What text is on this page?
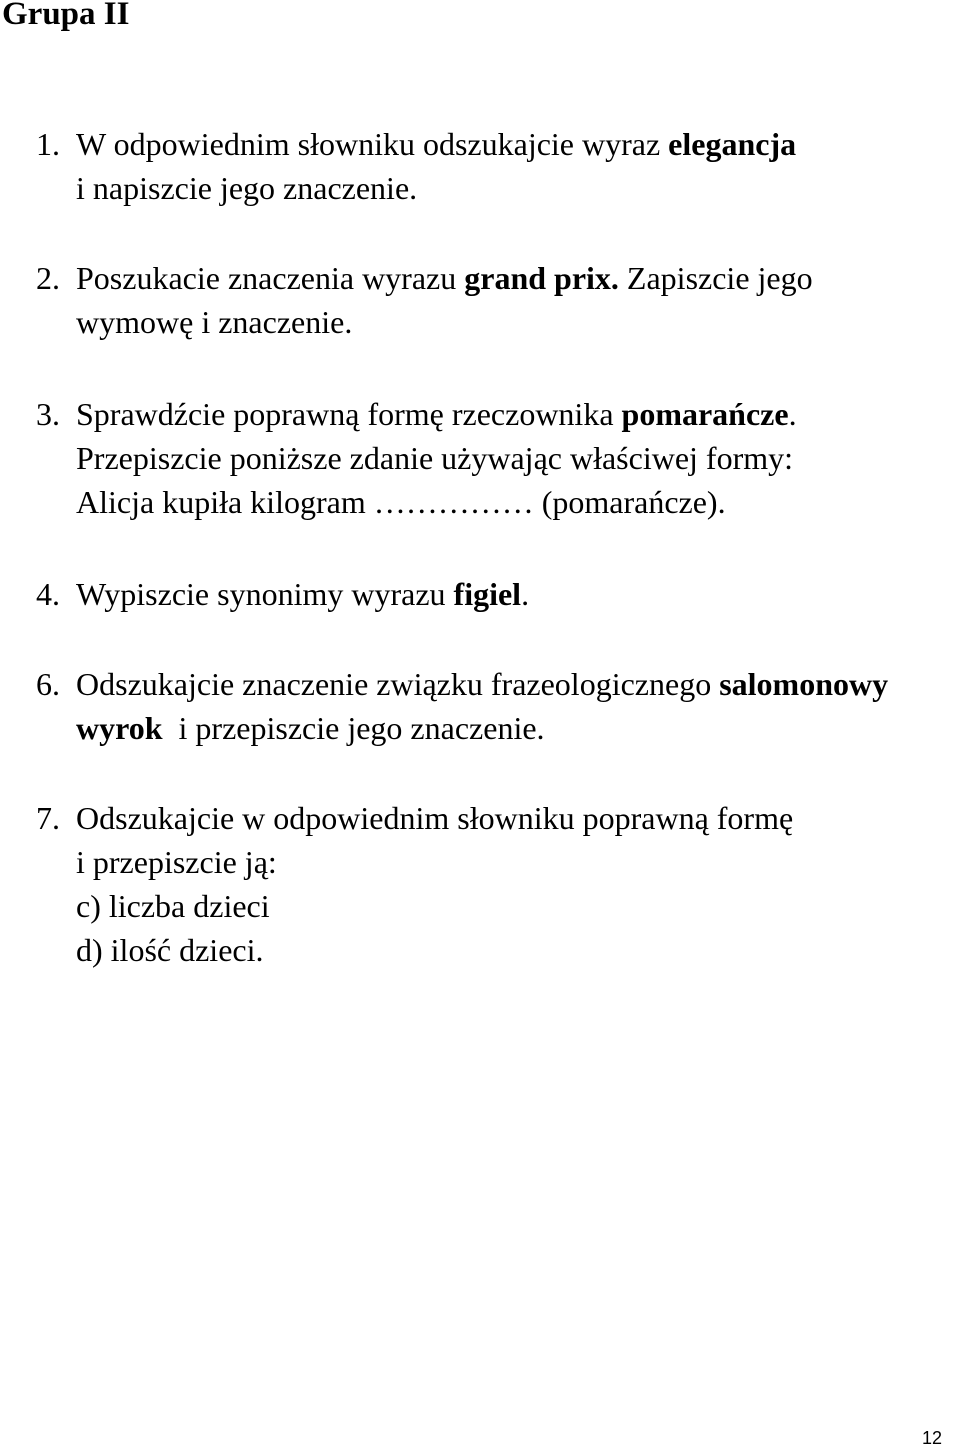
Grupa II
1. W odpowiednim słowniku odszukajcie wyraz elegancja
i napiszcie jego znaczenie.
2. Poszukacie znaczenia wyrazu grand prix. Zapiszcie jego
wymowę i znaczenie.
3. Sprawdźcie poprawną formę rzeczownika pomarańcze.
Przepiszcie poniższe zdanie używając właściwej formy:
Alicja kupiła kilogram …………… (pomarańcze).
4. Wypiszcie synonimy wyrazu figiel.
6. Odszukajcie znaczenie związku frazeologicznego salomonowy
wyrok  i przepiszcie jego znaczenie.
7. Odszukajcie w odpowiednim słowniku poprawną formę
i przepiszcie ją:
c) liczba dzieci
d) ilość dzieci.
12
